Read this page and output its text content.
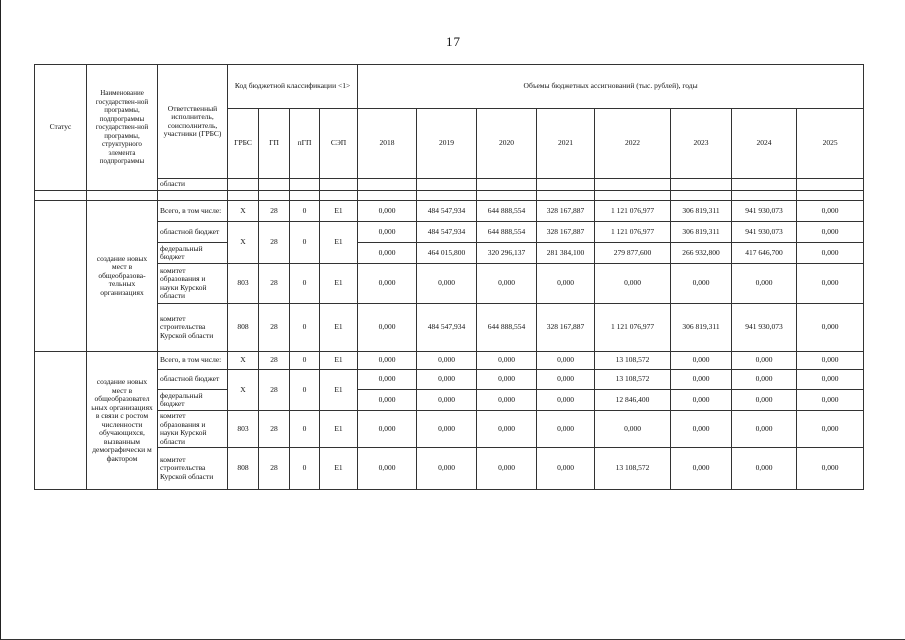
17
Статус	Наименование государствен-ной программы, подпрограммы государствен-ной программы, структурного элемента подпрограммы	Ответственный исполнитель, соисполнитель, участники (ГРБС)	Код бюджетной классификации <1>				Объемы бюджетных ассигнований (тыс. рублей), годы							
			ГРБС	ГП	пГП	СЭП	2018	2019	2020	2021	2022	2023	2024	2025
		области												

	создание новых мест в общеобразова-тельных организациях	Всего, в том числе:	Х	28	0	Е1	0,000	484 547,934	644 888,554	328 167,887	1 121 076,977	306 819,311	941 930,073	0,000
		областной бюджет	Х	28	0	Е1	0,000	484 547,934	644 888,554	328 167,887	1 121 076,977	306 819,311	941 930,073	0,000
		федеральный бюджет					0,000	464 015,800	320 296,137	281 384,100	279 877,600	266 932,800	417 646,700	0,000
		комитет образования и науки Курской области	803	28	0	Е1	0,000	0,000	0,000	0,000	0,000	0,000	0,000	0,000
		комитет строительства Курской области	808	28	0	Е1	0,000	484 547,934	644 888,554	328 167,887	1 121 076,977	306 819,311	941 930,073	0,000
	создание новых мест в общеобразовател ьных организациях в связи с ростом численности обучающихся, вызванным демографически м фактором	Всего, в том числе:	Х	28	0	Е1	0,000	0,000	0,000	0,000	13 108,572	0,000	0,000	0,000
		областной бюджет	Х	28	0	Е1	0,000	0,000	0,000	0,000	13 108,572	0,000	0,000	0,000
		федеральный бюджет					0,000	0,000	0,000	0,000	12 846,400	0,000	0,000	0,000
		комитет образования и науки Курской области	803	28	0	Е1	0,000	0,000	0,000	0,000	0,000	0,000	0,000	0,000
		комитет строительства Курской области	808	28	0	Е1	0,000	0,000	0,000	0,000	13 108,572	0,000	0,000	0,000
